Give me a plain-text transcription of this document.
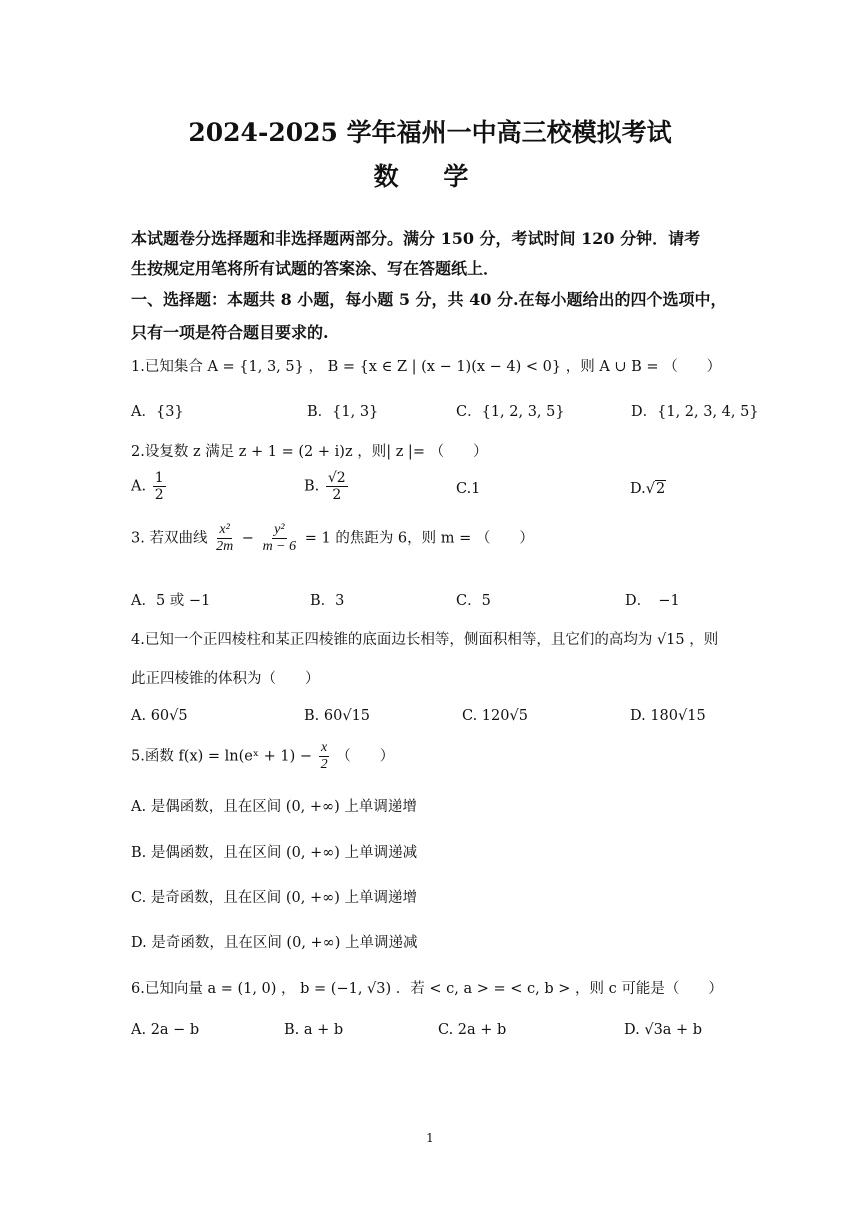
2024-2025 学年福州一中高三校模拟考试
数 学
本试题卷分选择题和非选择题两部分。满分 150 分，考试时间 120 分钟．请考
生按规定用笔将所有试题的答案涂、写在答题纸上．
一、选择题：本题共 8 小题，每小题 5 分，共 40 分.在每小题给出的四个选项中，
只有一项是符合题目要求的.
1.已知集合 A = {1, 3, 5} ， B = {x ∈ Z | (x − 1)(x − 4) < 0} ，则 A ∪ B = （　　）
A．{3}	B．{1, 3}	C．{1, 2, 3, 5}	D．{1, 2, 3, 4, 5}
2.设复数 z 满足 z + 1 = (2 + i)z ，则| z |= （　　）
A. $\frac{1}{2}$	B. $\frac{√2}{2}$	C.1	D.√2
3. 若双曲线 $\frac{\text{x²}}{2m} - \frac{\text{y²}}{m - 6} = 1$ 的焦距为 6，则 m = （　　）
A．5 或 −1	B．3	C．5	D．　−1
4.已知一个正四棱柱和某正四棱锥的底面边长相等，侧面积相等，且它们的高均为 √15 ，则
此正四棱锥的体积为（　　）
A. 60√5	B. 60√15	C. 120√5	D. 180√15
5.函数 f(x) = ln(eˣ + $1) - \frac{x}{2}$ （　　）
A. 是偶函数，且在区间 (0, +∞) 上单调递增
B. 是偶函数，且在区间 (0, +∞) 上单调递减
C. 是奇函数，且在区间 (0, +∞) 上单调递增
D. 是奇函数，且在区间 (0, +∞) 上单调递减
6.已知向量 a = (1, 0) ， b = (−1, √3) ．若 < c, a > = < c, b > ，则 c 可能是（　　）
A. 2a − b	B. a + b	C. 2a + b	D. √3a + b
1
